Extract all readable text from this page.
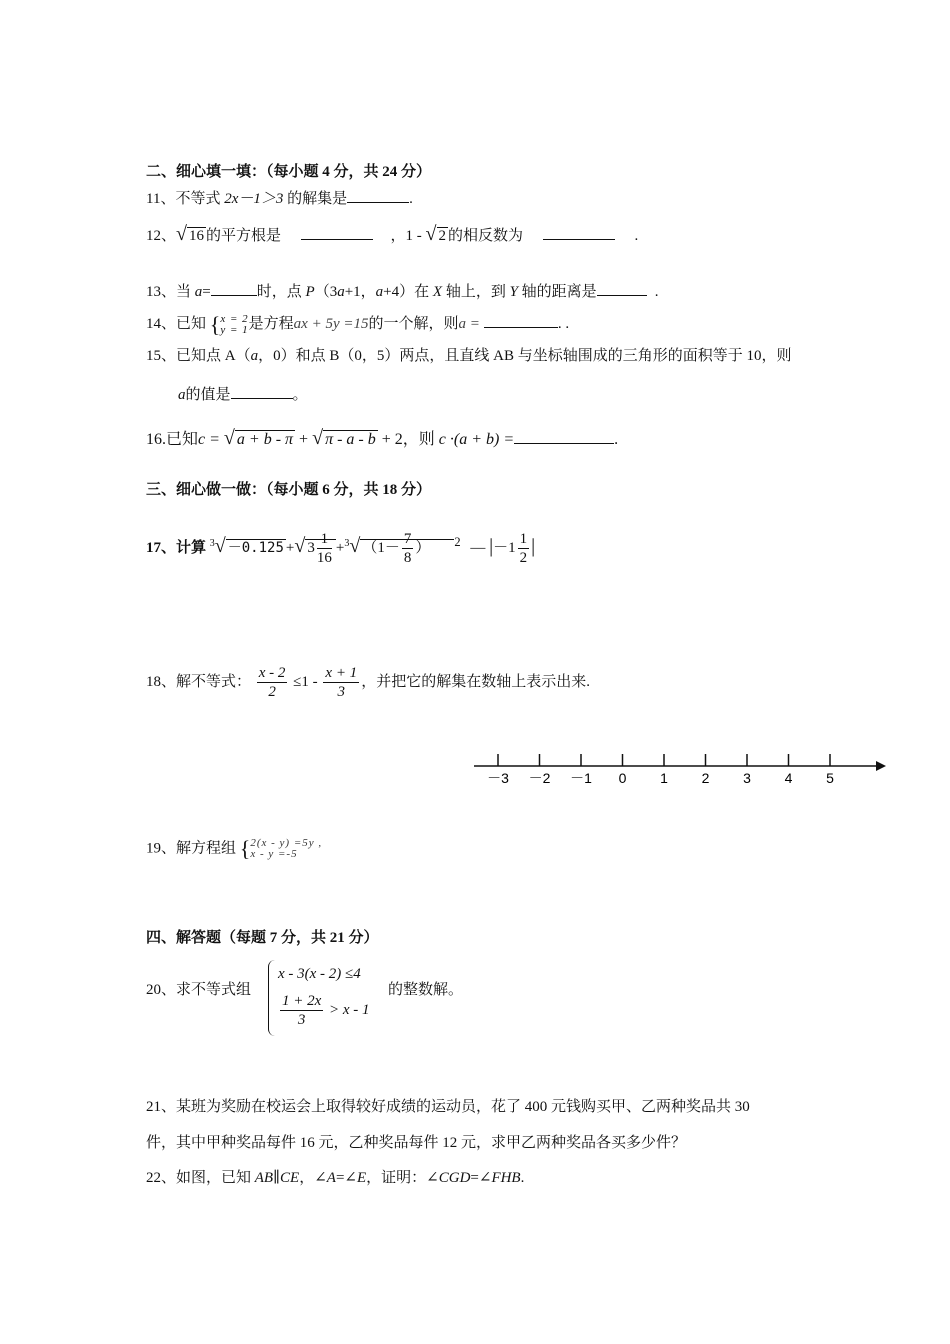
二、细心填一填：（每小题 4 分，共 24 分）
11、不等式 2x－1＞3 的解集是	.
12、√ 16 的平方根是	，1 - √ 2 的相反数为	.
13、当 a=	时，点 P（3a+1，a+4）在 X 轴上，到 Y 轴的距离是	.
14、已知 { x = 2
y = 1 是方程ax + 5y =15的一个解，则a =	. .
15、已知点 A（a，0）和点 B（0，5）两点，且直线 AB 与坐标轴围成的三角形的面积等于 10，则
a的值是	。
16.已知c = √ a + b - π + √ π - a - b + 2，则 c ·(a + b) =	.
三、细心做一做：（每小题 6 分，共 18 分）
17、计算 $^3$√ －0.125 +√ $3 \frac{1}{16} +^3√$ （$1- \frac{7}{8}$ ） $^2$ — $|-1 \frac{1}{2}$ |
18、解不等式： $\frac{x - 2}{2} \le 1 - \frac{x + 1}{3}$ ，并把它的解集在数轴上表示出来.
－3 －2 －1 0 1 2 3 4 5
19、解方程组 { 2(x - y) =5y ,
x - y =-5
四、解答题（每题 7 分，共 21 分）
20、求不等式组
x - 3(x - 2) ≤4
$\frac{1 + 2x}{3} > x - 1$
的整数解。
21、某班为奖励在校运会上取得较好成绩的运动员，花了 400 元钱购买甲、乙两种奖品共 30
件，其中甲种奖品每件 16 元，乙种奖品每件 12 元，求甲乙两种奖品各买多少件？
22、如图，已知 AB∥CE，∠A=∠E，证明：∠CGD=∠FHB.
